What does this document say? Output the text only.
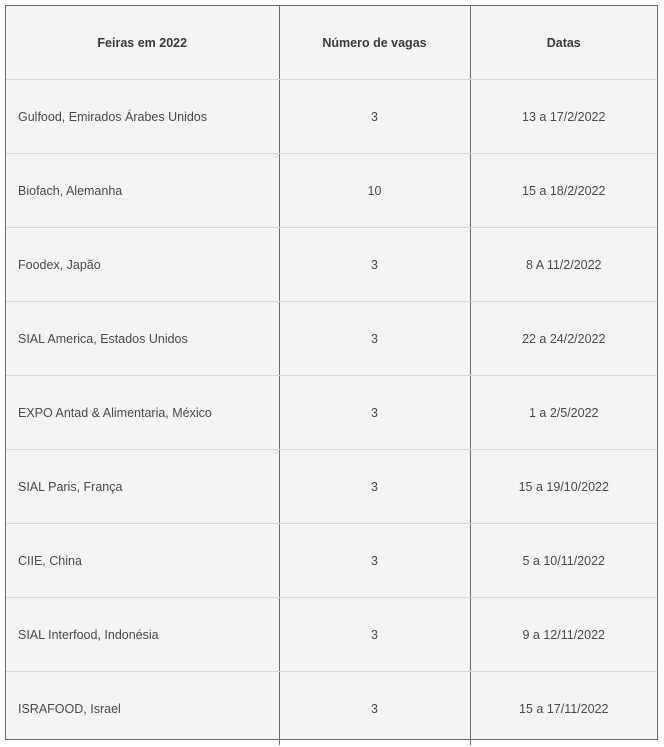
Feiras em 2022	Número de vagas	Datas
Gulfood, Emirados Árabes Unidos	3	13 a 17/2/2022
Biofach, Alemanha	10	15 a 18/2/2022
Foodex, Japão	3	8 A 11/2/2022
SIAL America, Estados Unidos	3	22 a 24/2/2022
EXPO Antad & Alimentaria, México	3	1 a 2/5/2022
SIAL Paris, França	3	15 a 19/10/2022
CIIE, China	3	5 a 10/11/2022
SIAL Interfood, Indonésia	3	9 a 12/11/2022
ISRAFOOD, Israel	3	15 a 17/11/2022
